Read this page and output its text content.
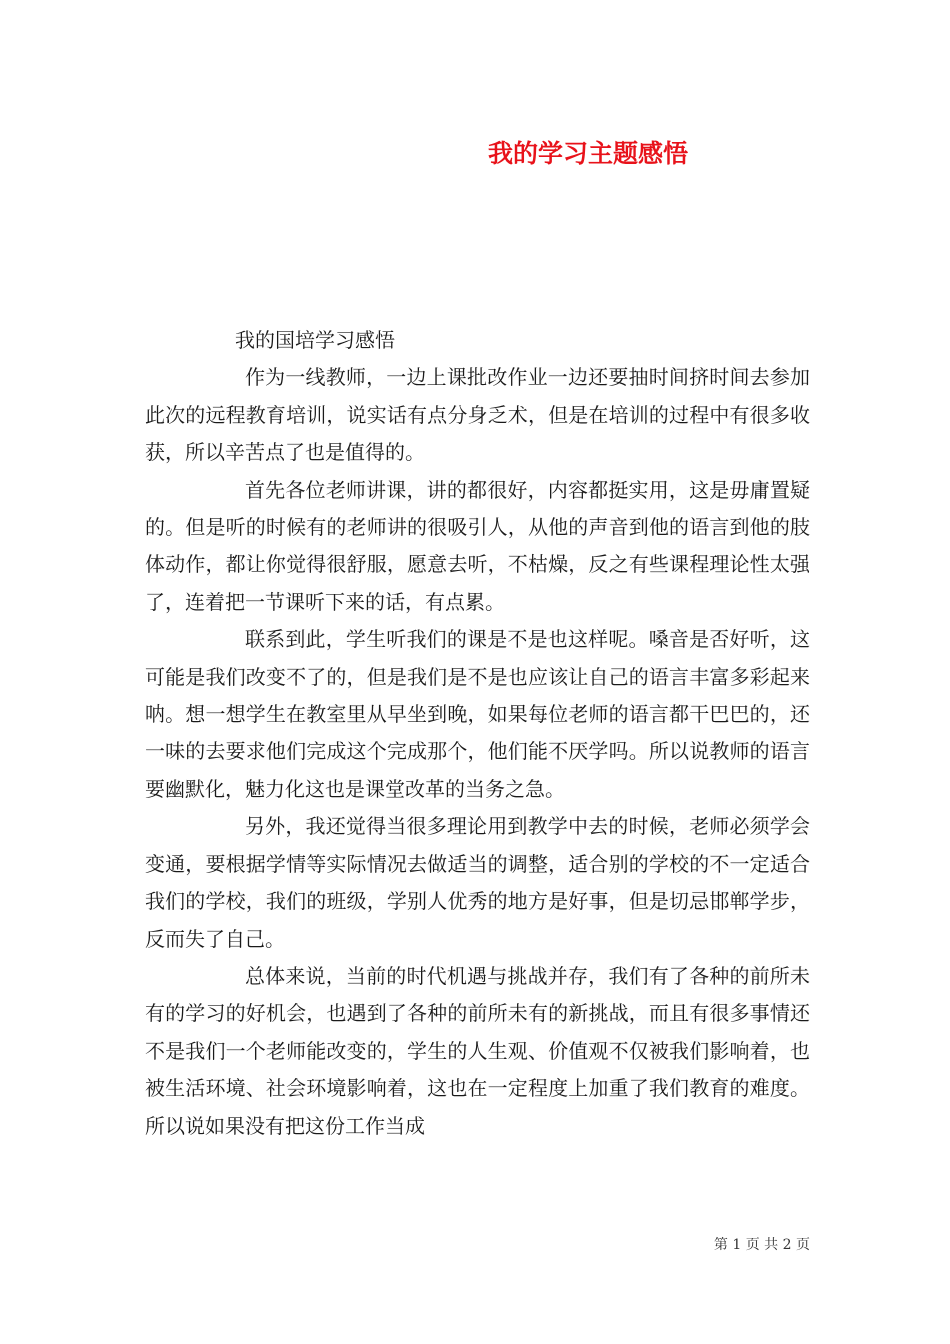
我的学习主题感悟

我的国培学习感悟

作为一线教师，一边上课批改作业一边还要抽时间挤时间去参加此次的远程教育培训，说实话有点分身乏术，但是在培训的过程中有很多收获，所以辛苦点了也是值得的。

首先各位老师讲课，讲的都很好，内容都挺实用，这是毋庸置疑的。但是听的时候有的老师讲的很吸引人，从他的声音到他的语言到他的肢体动作，都让你觉得很舒服，愿意去听，不枯燥，反之有些课程理论性太强了，连着把一节课听下来的话，有点累。

联系到此，学生听我们的课是不是也这样呢。嗓音是否好听，这可能是我们改变不了的，但是我们是不是也应该让自己的语言丰富多彩起来呐。想一想学生在教室里从早坐到晚，如果每位老师的语言都干巴巴的，还一味的去要求他们完成这个完成那个，他们能不厌学吗。所以说教师的语言要幽默化，魅力化这也是课堂改革的当务之急。

另外，我还觉得当很多理论用到教学中去的时候，老师必须学会变通，要根据学情等实际情况去做适当的调整，适合别的学校的不一定适合我们的学校，我们的班级，学别人优秀的地方是好事，但是切忌邯郸学步，反而失了自己。

总体来说，当前的时代机遇与挑战并存，我们有了各种的前所未有的学习的好机会，也遇到了各种的前所未有的新挑战，而且有很多事情还不是我们一个老师能改变的，学生的人生观、价值观不仅被我们影响着，也被生活环境、社会环境影响着，这也在一定程度上加重了我们教育的难度。所以说如果没有把这份工作当成

第 1 页 共 2 页
